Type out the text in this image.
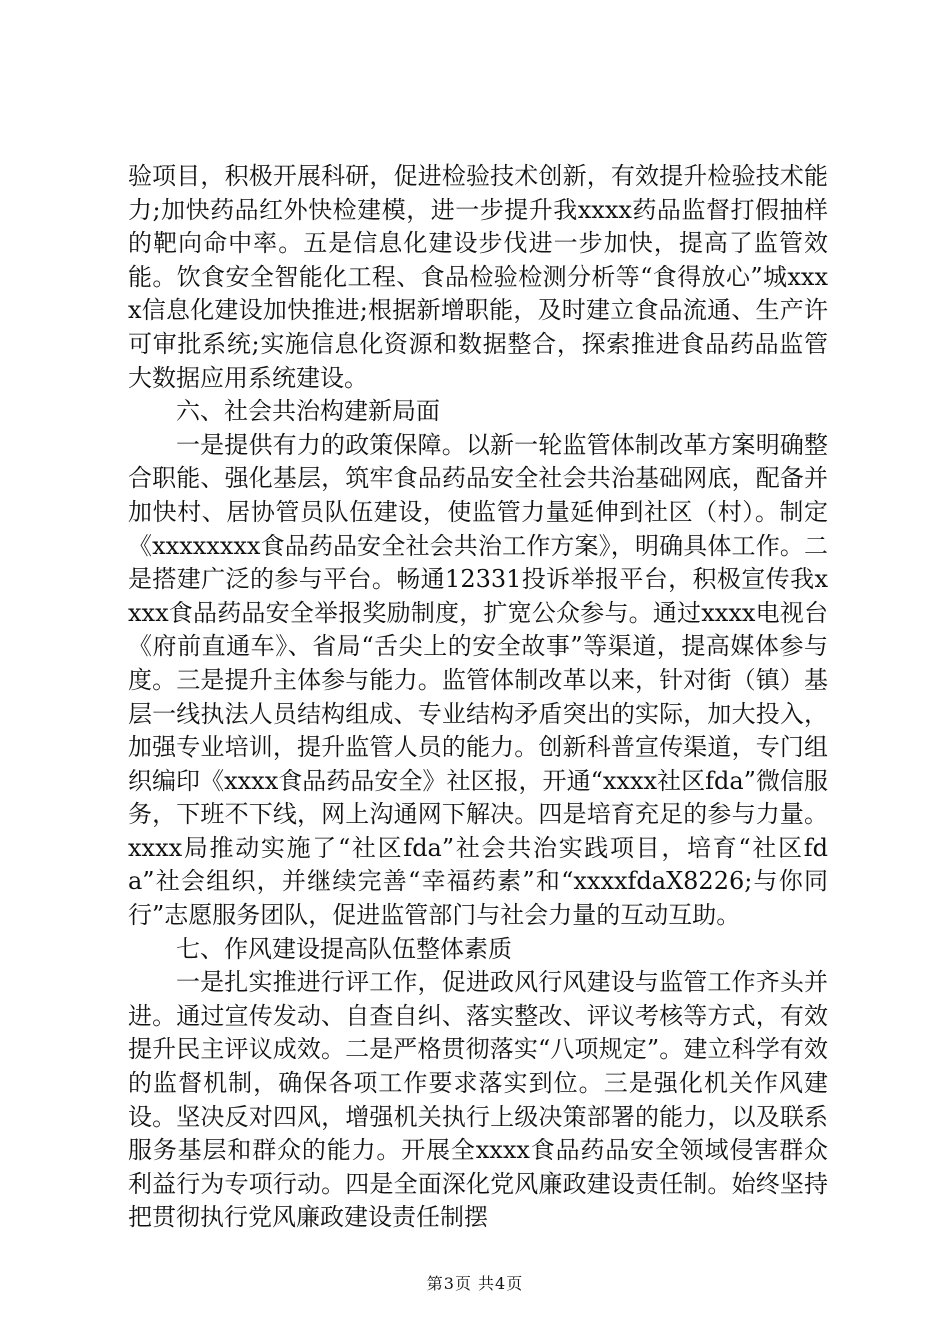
验项目，积极开展科研，促进检验技术创新，有效提升检验技术能力;加快药品红外快检建模，进一步提升我xxxx药品监督打假抽样的靶向命中率。五是信息化建设步伐进一步加快，提高了监管效能。饮食安全智能化工程、食品检验检测分析等“食得放心”城xxxx信息化建设加快推进;根据新增职能，及时建立食品流通、生产许可审批系统;实施信息化资源和数据整合，探索推进食品药品监管大数据应用系统建设。

六、社会共治构建新局面

一是提供有力的政策保障。以新一轮监管体制改革方案明确整合职能、强化基层，筑牢食品药品安全社会共治基础网底，配备并加快村、居协管员队伍建设，使监管力量延伸到社区（村）。制定《xxxxxxxx食品药品安全社会共治工作方案》，明确具体工作。二是搭建广泛的参与平台。畅通12331投诉举报平台，积极宣传我xxxx食品药品安全举报奖励制度，扩宽公众参与。通过xxxx电视台《府前直通车》、省局“舌尖上的安全故事”等渠道，提高媒体参与度。三是提升主体参与能力。监管体制改革以来，针对街（镇）基层一线执法人员结构组成、专业结构矛盾突出的实际，加大投入，加强专业培训，提升监管人员的能力。创新科普宣传渠道，专门组织编印《xxxx食品药品安全》社区报，开通“xxxx社区fda”微信服务，下班不下线，网上沟通网下解决。四是培育充足的参与力量。xxxx局推动实施了“社区fda”社会共治实践项目，培育“社区fda”社会组织，并继续完善“幸福药素”和“xxxxfdaX8226;与你同行”志愿服务团队，促进监管部门与社会力量的互动互助。

七、作风建设提高队伍整体素质

一是扎实推进行评工作，促进政风行风建设与监管工作齐头并进。通过宣传发动、自查自纠、落实整改、评议考核等方式，有效提升民主评议成效。二是严格贯彻落实“八项规定”。建立科学有效的监督机制，确保各项工作要求落实到位。三是强化机关作风建设。坚决反对四风，增强机关执行上级决策部署的能力，以及联系服务基层和群众的能力。开展全xxxx食品药品安全领域侵害群众利益行为专项行动。四是全面深化党风廉政建设责任制。始终坚持把贯彻执行党风廉政建设责任制摆

第3页 共4页
